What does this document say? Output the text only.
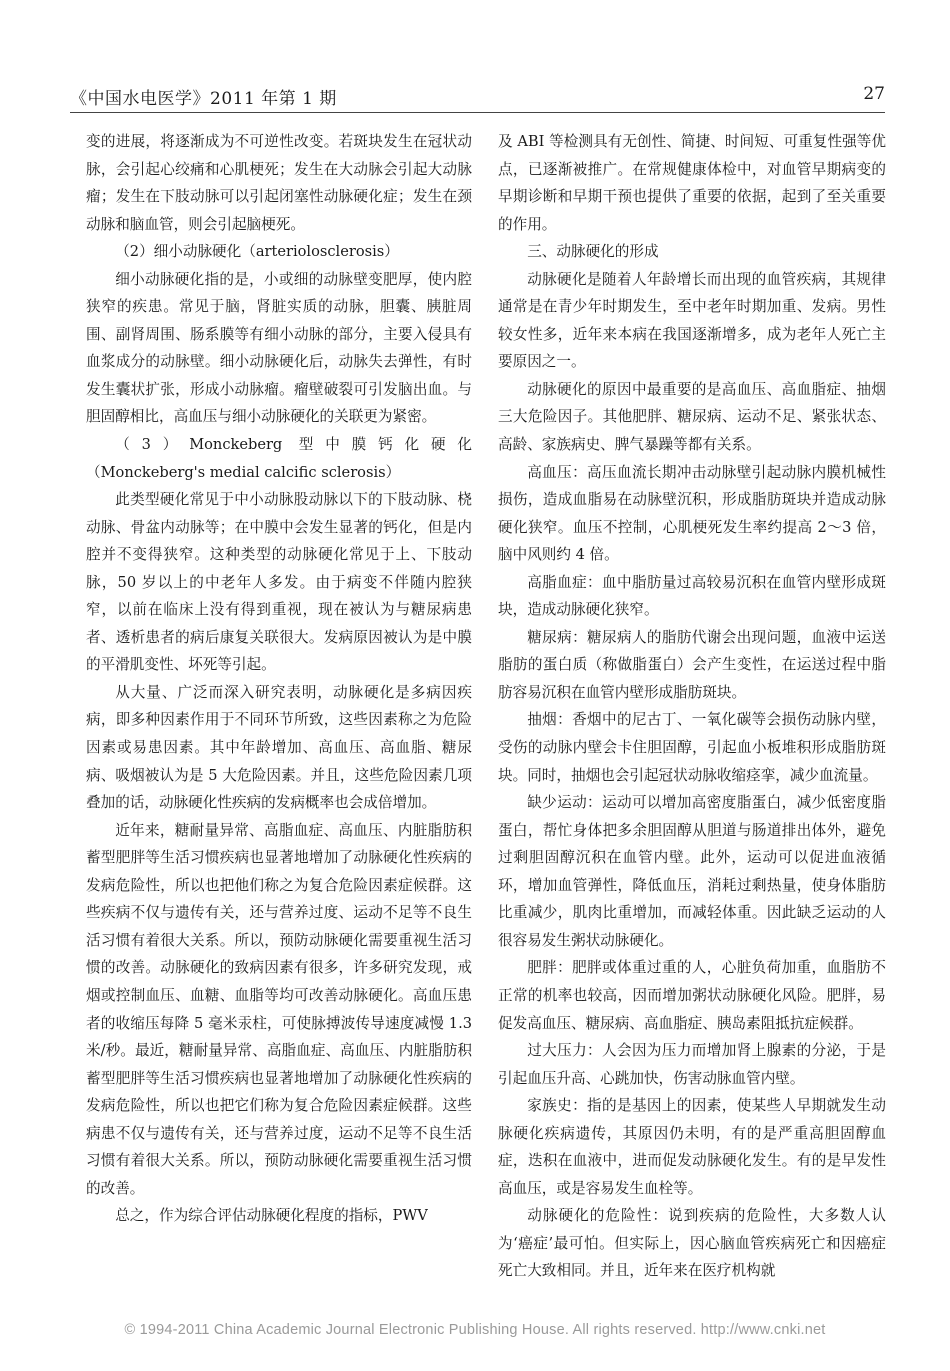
《中国水电医学》2011 年第 1 期	27

变的进展，将逐渐成为不可逆性改变。若斑块发生在冠状动脉，会引起心绞痛和心肌梗死；发生在大动脉会引起大动脉瘤；发生在下肢动脉可以引起闭塞性动脉硬化症；发生在颈动脉和脑血管，则会引起脑梗死。

（2）细小动脉硬化（arteriolosclerosis）

细小动脉硬化指的是，小或细的动脉壁变肥厚，使内腔狭窄的疾患。常见于脑，肾脏实质的动脉，胆囊、胰脏周围、副肾周围、肠系膜等有细小动脉的部分，主要入侵具有血浆成分的动脉壁。细小动脉硬化后，动脉失去弹性，有时发生囊状扩张，形成小动脉瘤。瘤壁破裂可引发脑出血。与胆固醇相比，高血压与细小动脉硬化的关联更为紧密。

（3）Monckeberg 型中膜钙化硬化（Monckeberg's medial calcific sclerosis）

此类型硬化常见于中小动脉股动脉以下的下肢动脉、桡动脉、骨盆内动脉等；在中膜中会发生显著的钙化，但是内腔并不变得狭窄。这种类型的动脉硬化常见于上、下肢动脉，50 岁以上的中老年人多发。由于病变不伴随内腔狭窄，以前在临床上没有得到重视，现在被认为与糖尿病患者、透析患者的病后康复关联很大。发病原因被认为是中膜的平滑肌变性、坏死等引起。

从大量、广泛而深入研究表明，动脉硬化是多病因疾病，即多种因素作用于不同环节所致，这些因素称之为危险因素或易患因素。其中年龄增加、高血压、高血脂、糖尿病、吸烟被认为是 5 大危险因素。并且，这些危险因素几项叠加的话，动脉硬化性疾病的发病概率也会成倍增加。

近年来，糖耐量异常、高脂血症、高血压、内脏脂肪积蓄型肥胖等生活习惯疾病也显著地增加了动脉硬化性疾病的发病危险性，所以也把他们称之为复合危险因素症候群。这些疾病不仅与遗传有关，还与营养过度、运动不足等不良生活习惯有着很大关系。所以，预防动脉硬化需要重视生活习惯的改善。动脉硬化的致病因素有很多，许多研究发现，戒烟或控制血压、血糖、血脂等均可改善动脉硬化。高血压患者的收缩压每降 5 毫米汞柱，可使脉搏波传导速度减慢 1.3 米/秒。最近，糖耐量异常、高脂血症、高血压、内脏脂肪积蓄型肥胖等生活习惯疾病也显著地增加了动脉硬化性疾病的发病危险性，所以也把它们称为复合危险因素症候群。这些病患不仅与遗传有关，还与营养过度，运动不足等不良生活习惯有着很大关系。所以，预防动脉硬化需要重视生活习惯的改善。

总之，作为综合评估动脉硬化程度的指标，PWV

及 ABI 等检测具有无创性、简捷、时间短、可重复性强等优点，已逐渐被推广。在常规健康体检中，对血管早期病变的早期诊断和早期干预也提供了重要的依据，起到了至关重要的作用。

三、动脉硬化的形成

动脉硬化是随着人年龄增长而出现的血管疾病，其规律通常是在青少年时期发生，至中老年时期加重、发病。男性较女性多，近年来本病在我国逐渐增多，成为老年人死亡主要原因之一。

动脉硬化的原因中最重要的是高血压、高血脂症、抽烟三大危险因子。其他肥胖、糖尿病、运动不足、紧张状态、高龄、家族病史、脾气暴躁等都有关系。

高血压：高压血流长期冲击动脉壁引起动脉内膜机械性损伤，造成血脂易在动脉壁沉积，形成脂肪斑块并造成动脉硬化狭窄。血压不控制，心肌梗死发生率约提高 2～3 倍，脑中风则约 4 倍。

高脂血症：血中脂肪量过高较易沉积在血管内壁形成斑块，造成动脉硬化狭窄。

糖尿病：糖尿病人的脂肪代谢会出现问题，血液中运送脂肪的蛋白质（称做脂蛋白）会产生变性，在运送过程中脂肪容易沉积在血管内壁形成脂肪斑块。

抽烟：香烟中的尼古丁、一氧化碳等会损伤动脉内壁，受伤的动脉内壁会卡住胆固醇，引起血小板堆积形成脂肪斑块。同时，抽烟也会引起冠状动脉收缩痉挛，减少血流量。

缺少运动：运动可以增加高密度脂蛋白，减少低密度脂蛋白，帮忙身体把多余胆固醇从胆道与肠道排出体外，避免过剩胆固醇沉积在血管内壁。此外，运动可以促进血液循环，增加血管弹性，降低血压，消耗过剩热量，使身体脂肪比重减少，肌肉比重增加，而减轻体重。因此缺乏运动的人很容易发生粥状动脉硬化。

肥胖：肥胖或体重过重的人，心脏负荷加重，血脂肪不正常的机率也较高，因而增加粥状动脉硬化风险。肥胖，易促发高血压、糖尿病、高血脂症、胰岛素阻抵抗症候群。

过大压力：人会因为压力而增加肾上腺素的分泌，于是引起血压升高、心跳加快，伤害动脉血管内壁。

家族史：指的是基因上的因素，使某些人早期就发生动脉硬化疾病遗传，其原因仍未明，有的是严重高胆固醇血症，迭积在血液中，进而促发动脉硬化发生。有的是早发性高血压，或是容易发生血栓等。

动脉硬化的危险性：说到疾病的危险性，大多数人认为‘癌症’最可怕。但实际上，因心脑血管疾病死亡和因癌症死亡大致相同。并且，近年来在医疗机构就

© 1994-2011 China Academic Journal Electronic Publishing House. All rights reserved. http://www.cnki.net
